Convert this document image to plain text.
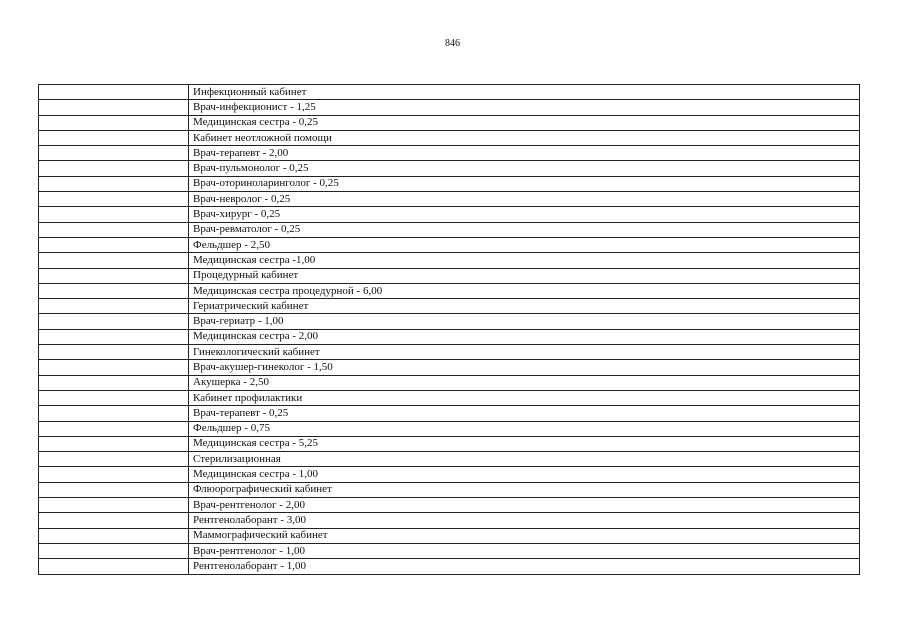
846
	Инфекционный кабинет
	Врач-инфекционист - 1,25
	Медицинская сестра - 0,25
	Кабинет неотложной помощи
	Врач-терапевт - 2,00
	Врач-пульмонолог - 0,25
	Врач-оториноларинголог - 0,25
	Врач-невролог - 0,25
	Врач-хирург - 0,25
	Врач-ревматолог - 0,25
	Фельдшер - 2,50
	Медицинская сестра -1,00
	Процедурный кабинет
	Медицинская сестра процедурной - 6,00
	Гериатрический кабинет
	Врач-гериатр - 1,00
	Медицинская сестра - 2,00
	Гинекологический кабинет
	Врач-акушер-гинеколог - 1,50
	Акушерка - 2,50
	Кабинет профилактики
	Врач-терапевт - 0,25
	Фельдшер - 0,75
	Медицинская сестра - 5,25
	Стерилизационная
	Медицинская сестра - 1,00
	Флюорографический кабинет
	Врач-рентгенолог - 2,00
	Рентгенолаборант - 3,00
	Маммографический кабинет
	Врач-рентгенолог - 1,00
	Рентгенолаборант - 1,00
